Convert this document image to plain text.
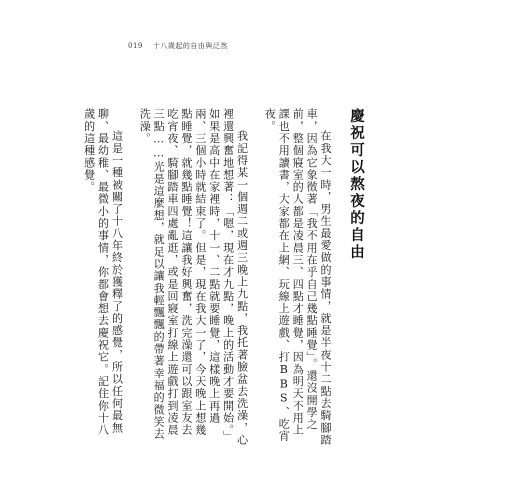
019 十八歲起的自由與泛然
慶祝可以熬夜的自由

在我大一時，男生最愛做的事情，就是半夜十二點去騎腳踏車，因為它象徵著「我不用在乎自己幾點睡覺」。還沒開學之前，整個寢室的人都是凌晨三、四點才睡覺，因為明天不用上課也不用讀書，大家都在上網、玩線上遊戲、打BBS、吃宵夜。

我記得某一個週二或週三晚上九點，我托著臉盆去洗澡，心裡還興奮地想著：「嗯，現在才九點，晚上的活動才要開始。」如果是高中在家裡時，十一、二點就要睡覺，這樣晚上再過兩、三個小時就結束了。但是，現在我大一了，今天晚上想幾點睡覺，就幾點睡覺！這讓我好興奮，洗完澡還可以跟室友去吃宵夜、騎腳踏車四處亂逛，或是回寢室打線上遊戲打到凌晨三點……光是這麼想，就足以讓我輕飄飄的帶著幸福的微笑去洗澡。

這是一種被關了十八年終於獲釋了的感覺，所以任何最無聊、最幼稚、最微小的事情，你都會想去慶祝它。記住你十八歲的這種感覺。
